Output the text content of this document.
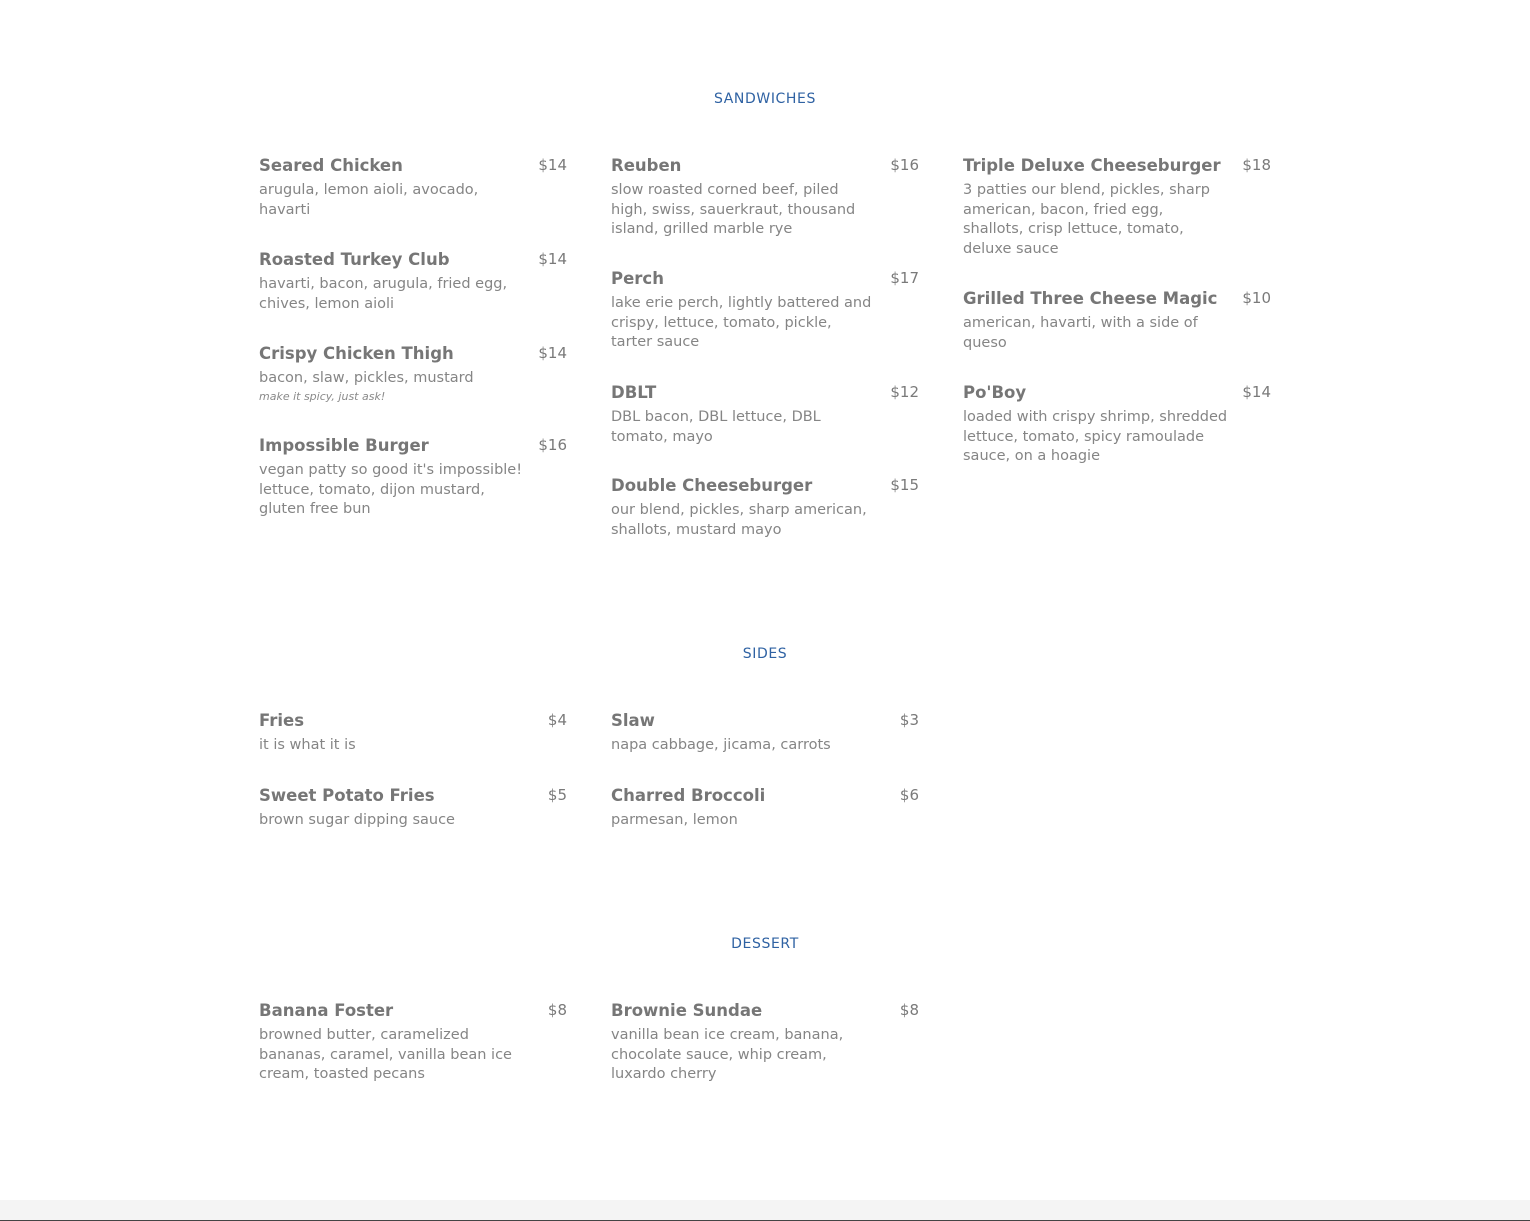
SANDWICHES
Seared Chicken	$14
arugula, lemon aioli, avocado, havarti
Roasted Turkey Club	$14
havarti, bacon, arugula, fried egg, chives, lemon aioli
Crispy Chicken Thigh	$14
bacon, slaw, pickles, mustard
make it spicy, just ask!
Impossible Burger	$16
vegan patty so good it's impossible! lettuce, tomato, dijon mustard, gluten free bun
Reuben	$16
slow roasted corned beef, piled high, swiss, sauerkraut, thousand island, grilled marble rye
Perch	$17
lake erie perch, lightly battered and crispy, lettuce, tomato, pickle, tarter sauce
DBLT	$12
DBL bacon, DBL lettuce, DBL tomato, mayo
Double Cheeseburger	$15
our blend, pickles, sharp american, shallots, mustard mayo
Triple Deluxe Cheeseburger $18
3 patties our blend, pickles, sharp american, bacon, fried egg, shallots, crisp lettuce, tomato, deluxe sauce
Grilled Three Cheese Magic $10
american, havarti, with a side of queso
Po'Boy	$14
loaded with crispy shrimp, shredded lettuce, tomato, spicy ramoulade sauce, on a hoagie
SIDES
Fries	$4
it is what it is
Sweet Potato Fries	$5
brown sugar dipping sauce
Slaw	$3
napa cabbage, jicama, carrots
Charred Broccoli	$6
parmesan, lemon
DESSERT
Banana Foster	$8
browned butter, caramelized bananas, caramel, vanilla bean ice cream, toasted pecans
Brownie Sundae	$8
vanilla bean ice cream, banana, chocolate sauce, whip cream, luxardo cherry
